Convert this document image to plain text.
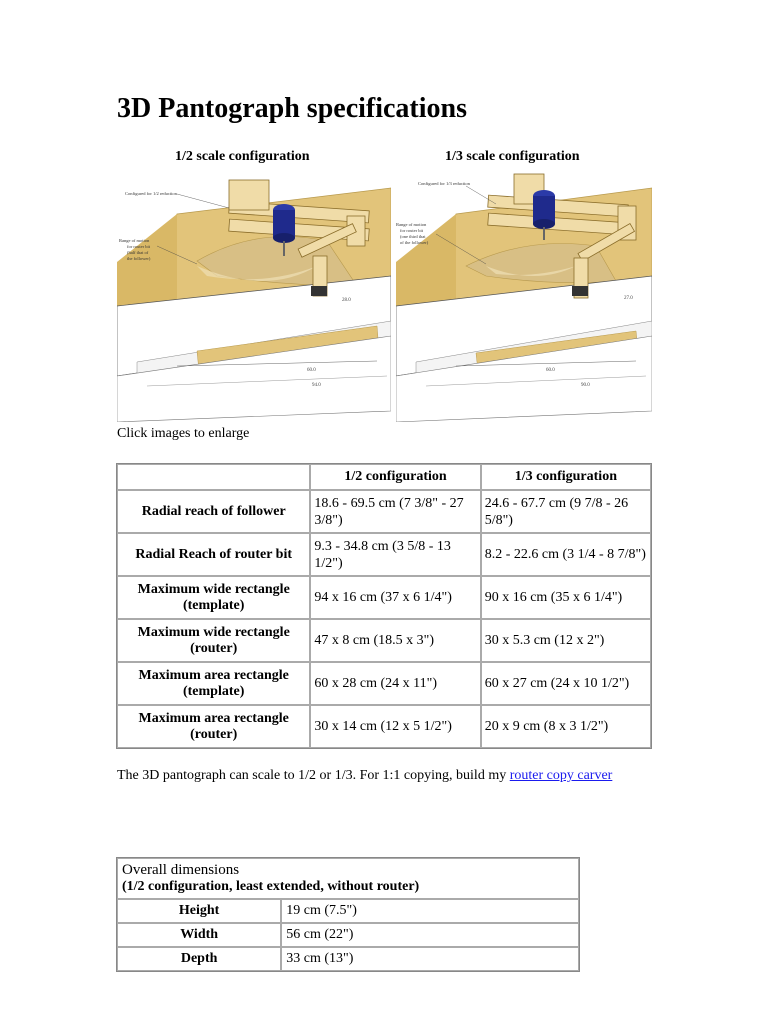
3D Pantograph specifications
1/2 scale configuration	1/3 scale configuration
60.0
94.0
28.0
Configured for 1/2 reduction
Range of motion
for router bit
(half that of
the follower)
60.0
90.0
27.0
Configured for 1/3 reduction
Range of motion
for router bit
(one third that
of the follower)
Click images to enlarge
	1/2 configuration	1/3 configuration
Radial reach of follower	18.6 - 69.5 cm (7 3/8" - 27 3/8")	24.6 - 67.7 cm (9 7/8 - 26 5/8")
Radial Reach of router bit	9.3 - 34.8 cm (3 5/8 - 13 1/2")	8.2 - 22.6 cm (3 1/4 - 8 7/8")
Maximum wide rectangle (template)	94 x 16 cm (37 x 6 1/4")	90 x 16 cm (35 x 6 1/4")
Maximum wide rectangle (router)	47 x 8 cm (18.5 x 3")	30 x 5.3 cm (12 x 2")
Maximum area rectangle (template)	60 x 28 cm (24 x 11")	60 x 27 cm (24 x 10 1/2")
Maximum area rectangle (router)	30 x 14 cm (12 x 5 1/2")	20 x 9 cm (8 x 3 1/2")
The 3D pantograph can scale to 1/2 or 1/3. For 1:1 copying, build my router copy carver
Overall dimensions
(1/2 configuration, least extended, without router)	

Height	19 cm (7.5")
Width	56 cm (22")
Depth	33 cm (13")
